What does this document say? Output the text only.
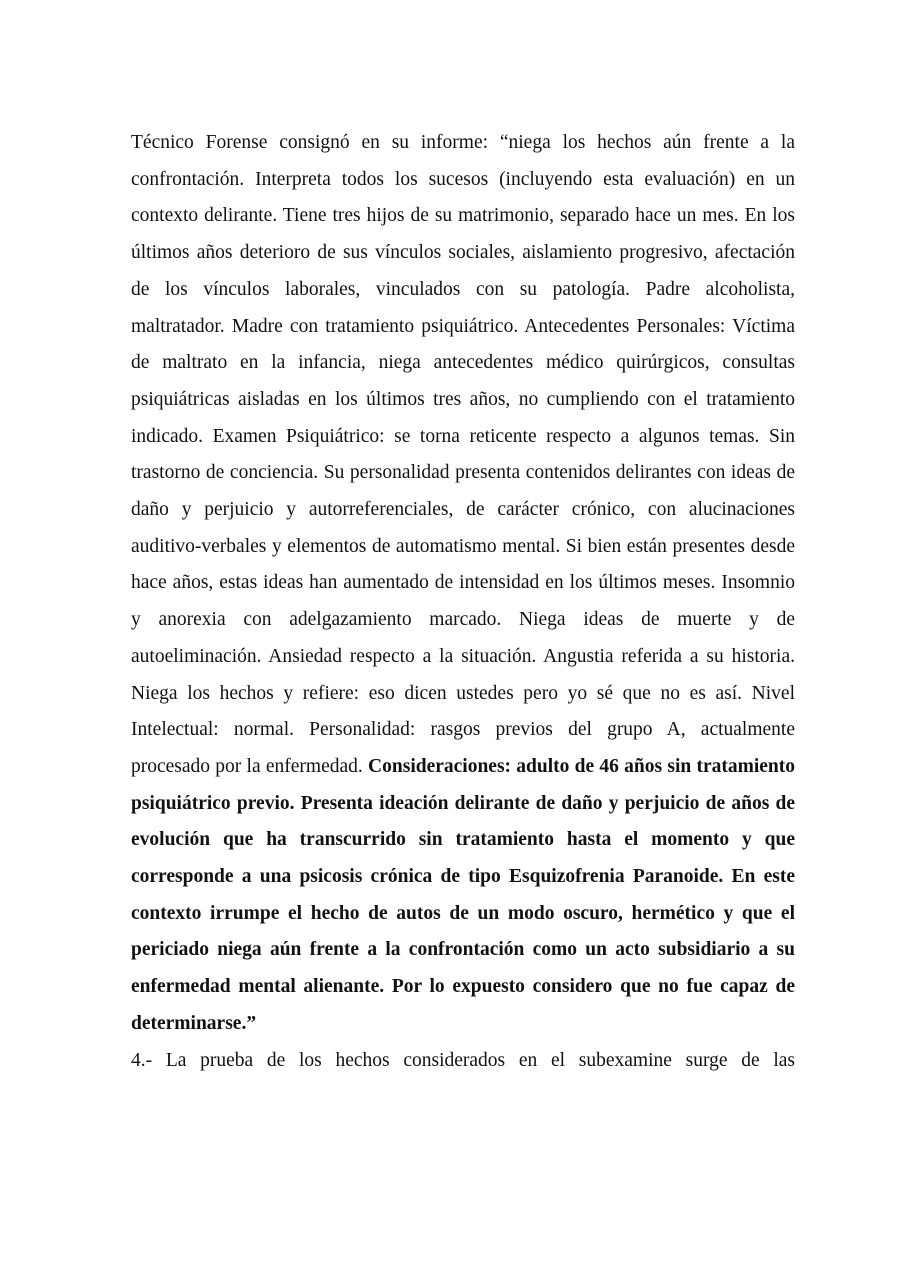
Técnico Forense consignó en su informe: “niega los hechos aún frente a la confrontación. Interpreta todos los sucesos (incluyendo esta evaluación) en un contexto delirante. Tiene tres hijos de su matrimonio, separado hace un mes. En los últimos años deterioro de sus vínculos sociales, aislamiento progresivo, afectación de los vínculos laborales, vinculados con su patología. Padre alcoholista, maltratador. Madre con tratamiento psiquiátrico. Antecedentes Personales: Víctima de maltrato en la infancia, niega antecedentes médico quirúrgicos, consultas psiquiátricas aisladas en los últimos tres años, no cumpliendo con el tratamiento indicado. Examen Psiquiátrico: se torna reticente respecto a algunos temas. Sin trastorno de conciencia. Su personalidad presenta contenidos delirantes con ideas de daño y perjuicio y autorreferenciales, de carácter crónico, con alucinaciones auditivo-verbales y elementos de automatismo mental. Si bien están presentes desde hace años, estas ideas han aumentado de intensidad en los últimos meses. Insomnio y anorexia con adelgazamiento marcado. Niega ideas de muerte y de autoeliminación. Ansiedad respecto a la situación. Angustia referida a su historia. Niega los hechos y refiere: eso dicen ustedes pero yo sé que no es así. Nivel Intelectual: normal. Personalidad: rasgos previos del grupo A, actualmente procesado por la enfermedad. Consideraciones: adulto de 46 años sin tratamiento psiquiátrico previo. Presenta ideación delirante de daño y perjuicio de años de evolución que ha transcurrido sin tratamiento hasta el momento y que corresponde a una psicosis crónica de tipo Esquizofrenia Paranoide. En este contexto irrumpe el hecho de autos de un modo oscuro, hermético y que el periciado niega aún frente a la confrontación como un acto subsidiario a su enfermedad mental alienante. Por lo expuesto considero que no fue capaz de determinarse.”

4.- La prueba de los hechos considerados en el subexamine surge de las
